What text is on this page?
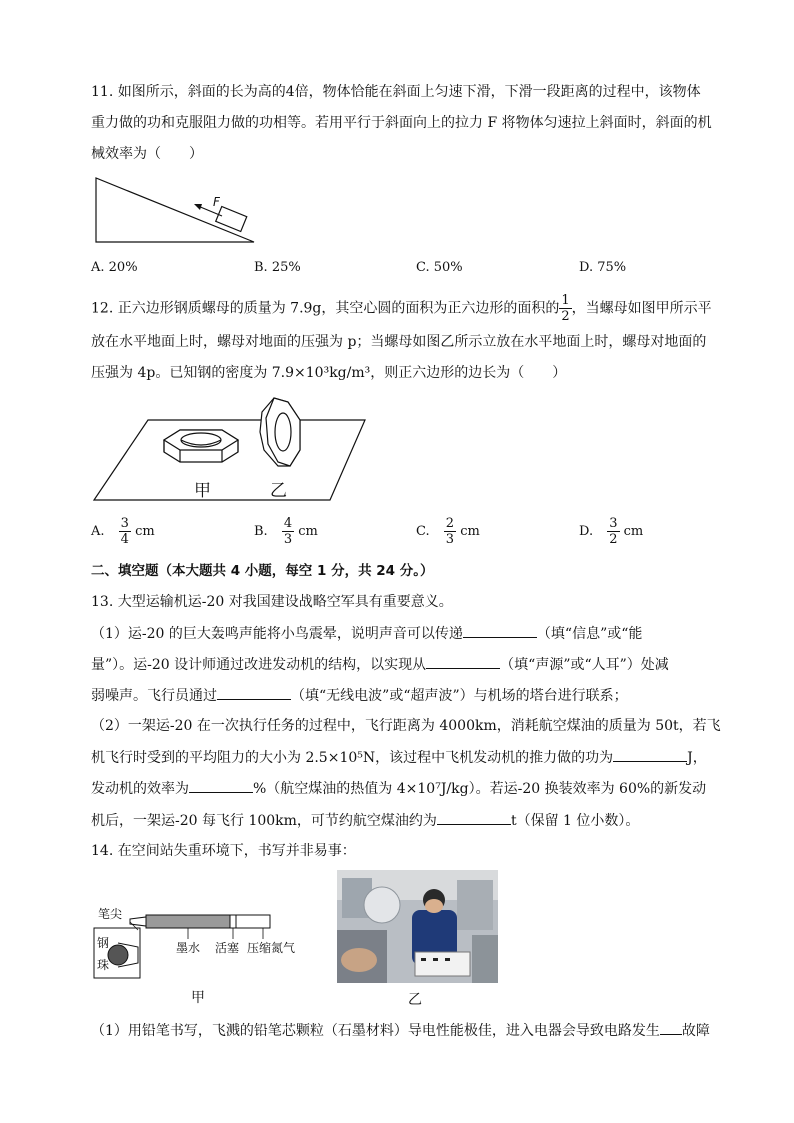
11. 如图所示，斜面的长为高的4倍，物体恰能在斜面上匀速下滑，下滑一段距离的过程中，该物体
重力做的功和克服阻力做的功相等。若用平行于斜面向上的拉力 F 将物体匀速拉上斜面时，斜面的机
械效率为（　　）
F
A. 20%	B. 25%	C. 50%	D. 75%
12. 正六边形钢质螺母的质量为 7.9g，其空心圆的面积为正六边形的面积的 $\frac{1}{2}$ ，当螺母如图甲所示平
放在水平地面上时，螺母对地面的压强为 p；当螺母如图乙所示立放在水平地面上时，螺母对地面的
压强为 4p。已知钢的密度为 7.9×10³kg/m³，则正六边形的边长为（　　）
甲	乙
A. $\frac{3}{4}$ cm	B. $\frac{4}{3}$ cm	C. $\frac{2}{3}$ cm	D. $\frac{3}{2}$ cm
二、填空题（本大题共 4 小题，每空 1 分，共 24 分。）
13. 大型运输机运-20 对我国建设战略空军具有重要意义。
（1）运-20 的巨大轰鸣声能将小鸟震晕，说明声音可以传递	（填“信息”或“能
量”）。运-20 设计师通过改进发动机的结构，以实现从	（填“声源”或“人耳”）处减
弱噪声。飞行员通过	（填“无线电波”或“超声波”）与机场的塔台进行联系；
（2）一架运-20 在一次执行任务的过程中，飞行距离为 4000km，消耗航空煤油的质量为 50t，若飞
机飞行时受到的平均阻力的大小为 2.5×10⁵N，该过程中飞机发动机的推力做的功为	J，
发动机的效率为	%（航空煤油的热值为 4×10⁷J/kg）。若运-20 换装效率为 60%的新发动
机后，一架运-20 每飞行 100km，可节约航空煤油约为	t（保留 1 位小数）。
14. 在空间站失重环境下，书写并非易事：
笔尖
钢
珠
墨水 活塞 压缩氮气
甲	乙
（1）用铅笔书写，飞溅的铅笔芯颗粒（石墨材料）导电性能极佳，进入电器会导致电路发生 故障
